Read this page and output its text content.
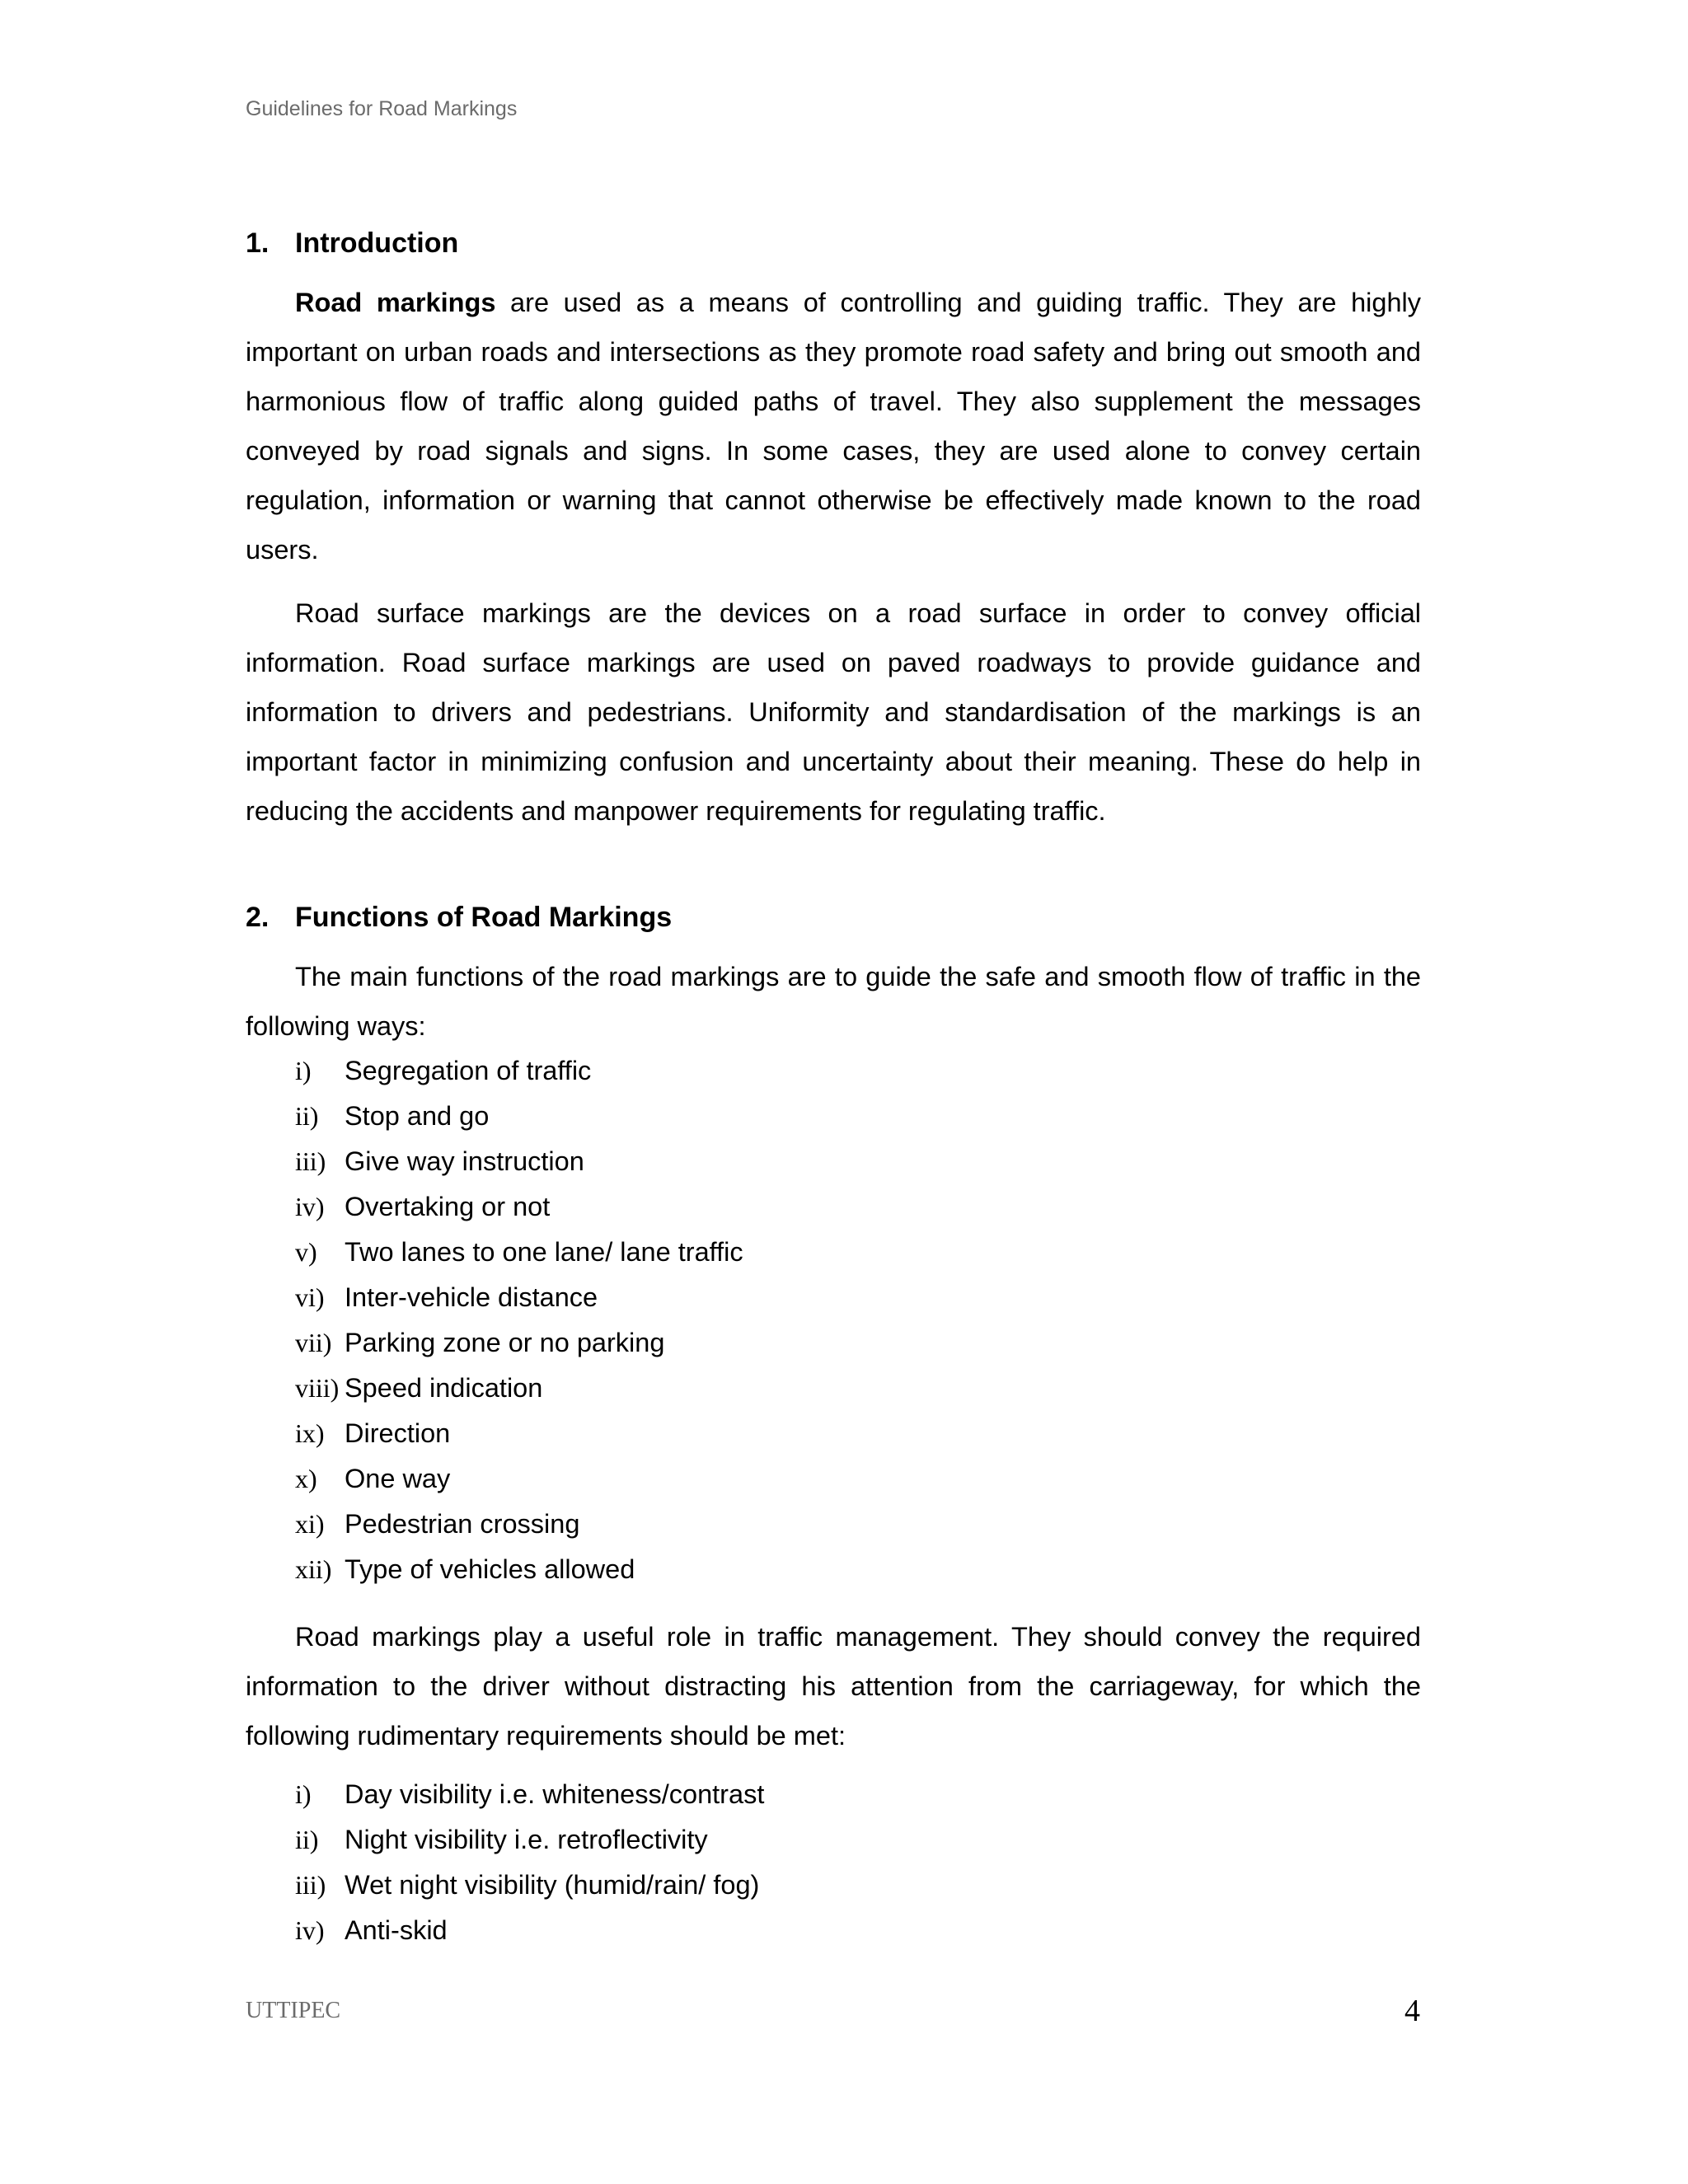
Guidelines for Road Markings
1. Introduction

Road markings are used as a means of controlling and guiding traffic. They are highly important on urban roads and intersections as they promote road safety and bring out smooth and harmonious flow of traffic along guided paths of travel. They also supplement the messages conveyed by road signals and signs. In some cases, they are used alone to convey certain regulation, information or warning that cannot otherwise be effectively made known to the road users.

Road surface markings are the devices on a road surface in order to convey official information. Road surface markings are used on paved roadways to provide guidance and information to drivers and pedestrians. Uniformity and standardisation of the markings is an important factor in minimizing confusion and uncertainty about their meaning. These do help in reducing the accidents and manpower requirements for regulating traffic.

2. Functions of Road Markings

The main functions of the road markings are to guide the safe and smooth flow of traffic in the following ways:

i) Segregation of traffic
ii) Stop and go
iii) Give way instruction
iv) Overtaking or not
v) Two lanes to one lane/ lane traffic
vi) Inter-vehicle distance
vii) Parking zone or no parking
viii) Speed indication
ix) Direction
x) One way
xi) Pedestrian crossing
xii) Type of vehicles allowed

Road markings play a useful role in traffic management. They should convey the required information to the driver without distracting his attention from the carriageway, for which the following rudimentary requirements should be met:

i) Day visibility i.e. whiteness/contrast
ii) Night visibility i.e. retroflectivity
iii) Wet night visibility (humid/rain/ fog)
iv) Anti-skid
UTTIPEC	4
